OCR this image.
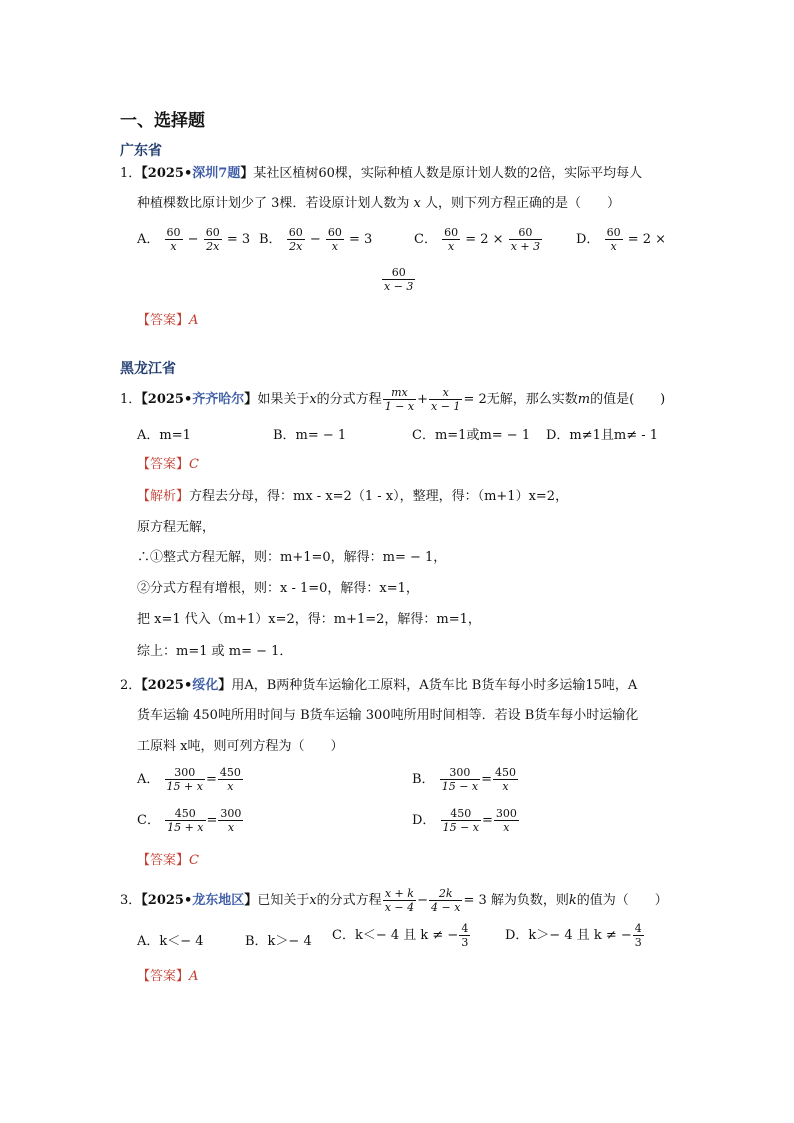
一、选择题
广东省
1．【2025•深圳7题】某社区植树60棵，实际种植人数是原计划人数的2倍，实际平均每人
种植棵数比原计划少了 3棵．若设原计划人数为 x 人，则下列方程正确的是（　　）
A． $\frac{60}{x} - \frac{60}{2x} = 3$ B． $\frac{60}{2x} - \frac{60}{x} = 3$	C． $\frac{60}{x} = 2 \times \frac{60}{x + 3}$	D． $\frac{60}{x} = 2$ ×
$\frac{60}{x - 3}$
【答案】A
黑龙江省
1．【2025•齐齐哈尔】如果关于x的分式方程 $\frac{mx}{1 - x} + \frac{x}{x - 1} = 2$无解，那么实数m的值是(　　)
A．m=1	B．m= − 1	C．m=1或m= − 1 D．m≠1且m≠ - 1
【答案】C
【解析】方程去分母，得：mx - x=2（1 - x），整理，得：（m+1）x=2，
原方程无解，
∴①整式方程无解，则：m+1=0，解得：m= − 1，
②分式方程有增根，则：x - 1=0，解得：x=1，
把 x=1 代入（m+1）x=2，得：m+1=2，解得：m=1，
综上：m=1 或 m= − 1．
2．【2025•绥化】用A，B两种货车运输化工原料，A货车比 B货车每小时多运输15吨，A
货车运输 450吨所用时间与 B货车运输 300吨所用时间相等．若设 B货车每小时运输化
工原料 x吨，则可列方程为（　　）
A． $\frac{300}{15 + x} = \frac{450}{x}$	B． $\frac{300}{15 - x} = \frac{450}{x}$
C． $\frac{450}{15 + x} = \frac{300}{x}$	D． $\frac{450}{15 - x} = \frac{300}{x}$
【答案】C
3．【2025•龙东地区】已知关于x的分式方程 $\frac{x + k}{x - 4} - \frac{2k}{4 - x} = 3$ 解为负数，则k的值为（　　）
A．k＜− 4	B．k＞− 4 C．k＜− 4 且 k ≠ − $\frac{4}{3}$	D．k＞− 4 且 k ≠ − $\frac{4}{3}$
【答案】A
